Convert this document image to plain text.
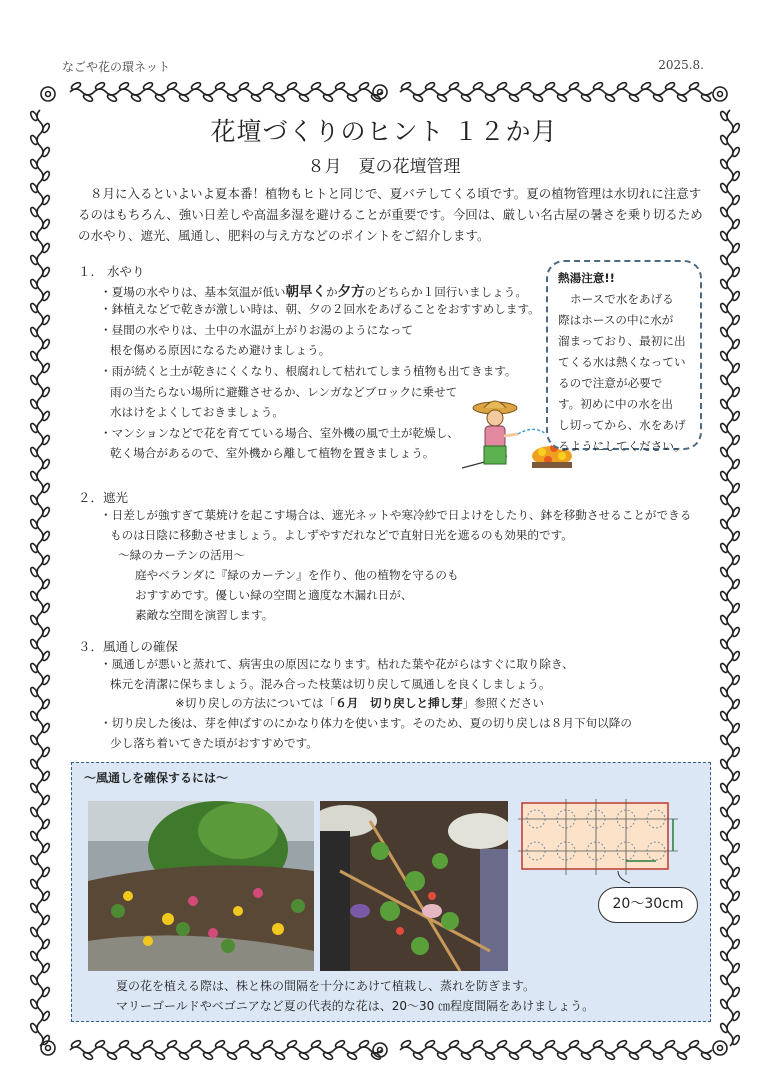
なごや花の環ネット	2025.8.
花壇づくりのヒント １２か月
８月　夏の花壇管理
８月に入るといよいよ夏本番！植物もヒトと同じで、夏バテしてくる頃です。夏の植物管理は水切れに注意するのはもちろん、強い日差しや高温多湿を避けることが重要です。今回は、厳しい名古屋の暑さを乗り切るための水やり、遮光、風通し、肥料の与え方などのポイントをご紹介します。
１.　水やり
・夏場の水やりは、基本気温が低い朝早くか夕方のどちらか１回行いましょう。
・鉢植えなどで乾きが激しい時は、朝、夕の２回水をあげることをおすすめします。
・昼間の水やりは、土中の水温が上がりお湯のようになって
根を傷める原因になるため避けましょう。
・雨が続くと土が乾きにくくなり、根腐れして枯れてしまう植物も出てきます。
雨の当たらない場所に避難させるか、レンガなどブロックに乗せて
水はけをよくしておきましょう。
・マンションなどで花を育てている場合、室外機の風で土が乾燥し、
乾く場合があるので、室外機から離して植物を置きましょう。
熱湯注意!!
ホースで水をあげる
際はホースの中に水が
溜まっており、最初に出
てくる水は熱くなってい
るので注意が必要で
す。初めに中の水を出
し切ってから、水をあげ
るようにしてください。
２．遮光
・日差しが強すぎて葉焼けを起こす場合は、遮光ネットや寒冷紗で日よけをしたり、鉢を移動させることができる
ものは日陰に移動させましょう。よしずやすだれなどで直射日光を遮るのも効果的です。
～緑のカーテンの活用～
庭やベランダに『緑のカーテン』を作り、他の植物を守るのも
おすすめです。優しい緑の空間と適度な木漏れ日が、
素敵な空間を演習します。
３．風通しの確保
・風通しが悪いと蒸れて、病害虫の原因になります。枯れた葉や花がらはすぐに取り除き、
株元を清潔に保ちましょう。混み合った枝葉は切り戻して風通しを良くしましょう。
※切り戻しの方法については「６月　切り戻しと挿し芽」参照ください
・切り戻した後は、芽を伸ばすのにかなり体力を使います。そのため、夏の切り戻しは８月下旬以降の
少し落ち着いてきた頃がおすすめです。
～風通しを確保するには～
20～30cm
夏の花を植える際は、株と株の間隔を十分にあけて植栽し、蒸れを防ぎます。
マリーゴールドやベゴニアなど夏の代表的な花は、20～30 ㎝程度間隔をあけましょう。
